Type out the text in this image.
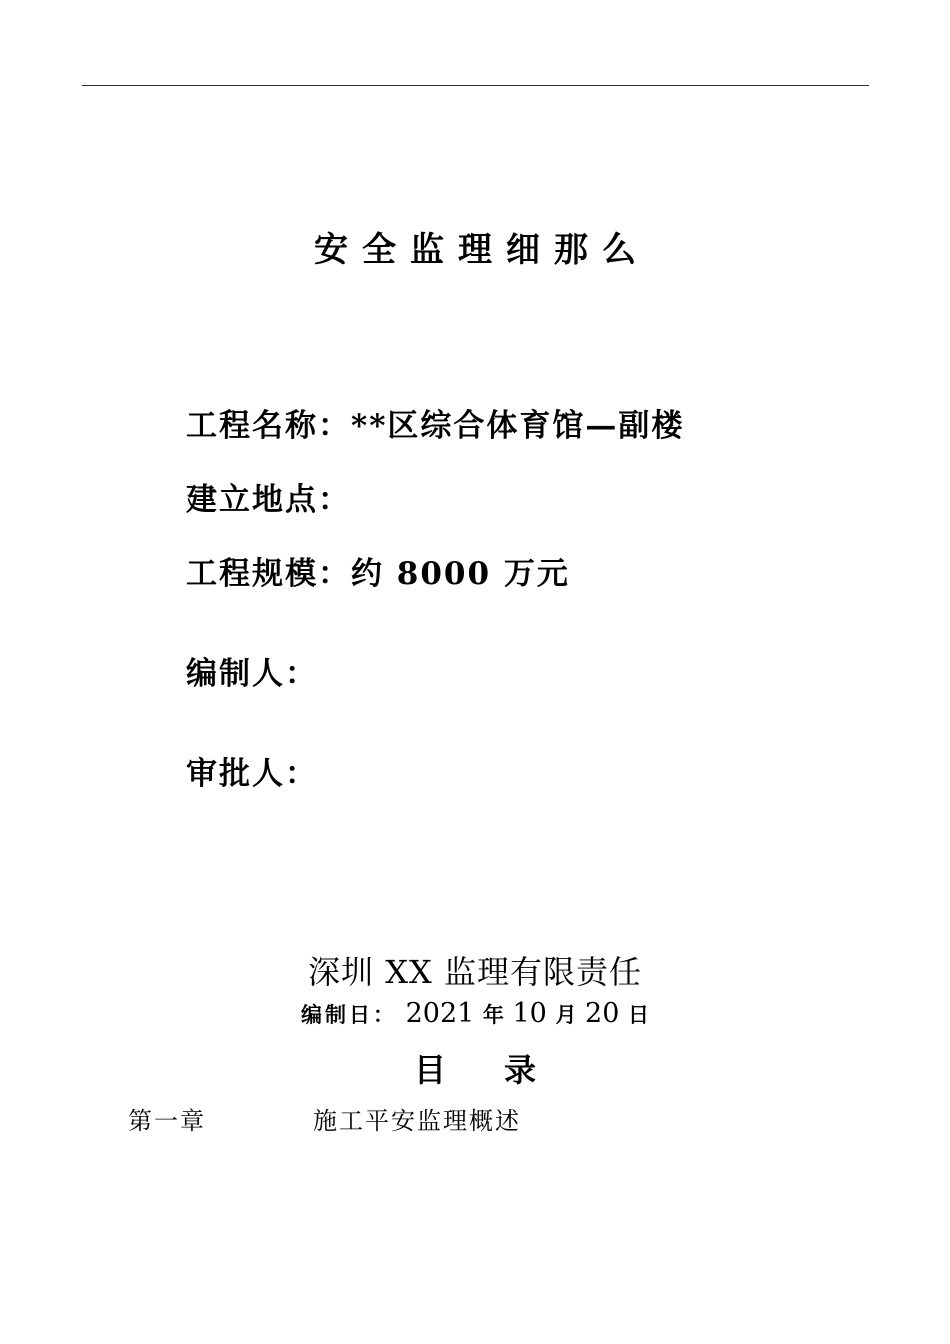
安全监理细那么
工程名称：**区综合体育馆—副楼
建立地点：
工程规模：约 8000 万元
编制人：
审批人：
深圳 XX 监理有限责任
编制日： 2021 年 10 月 20 日
目录
第一章	施工平安监理概述
